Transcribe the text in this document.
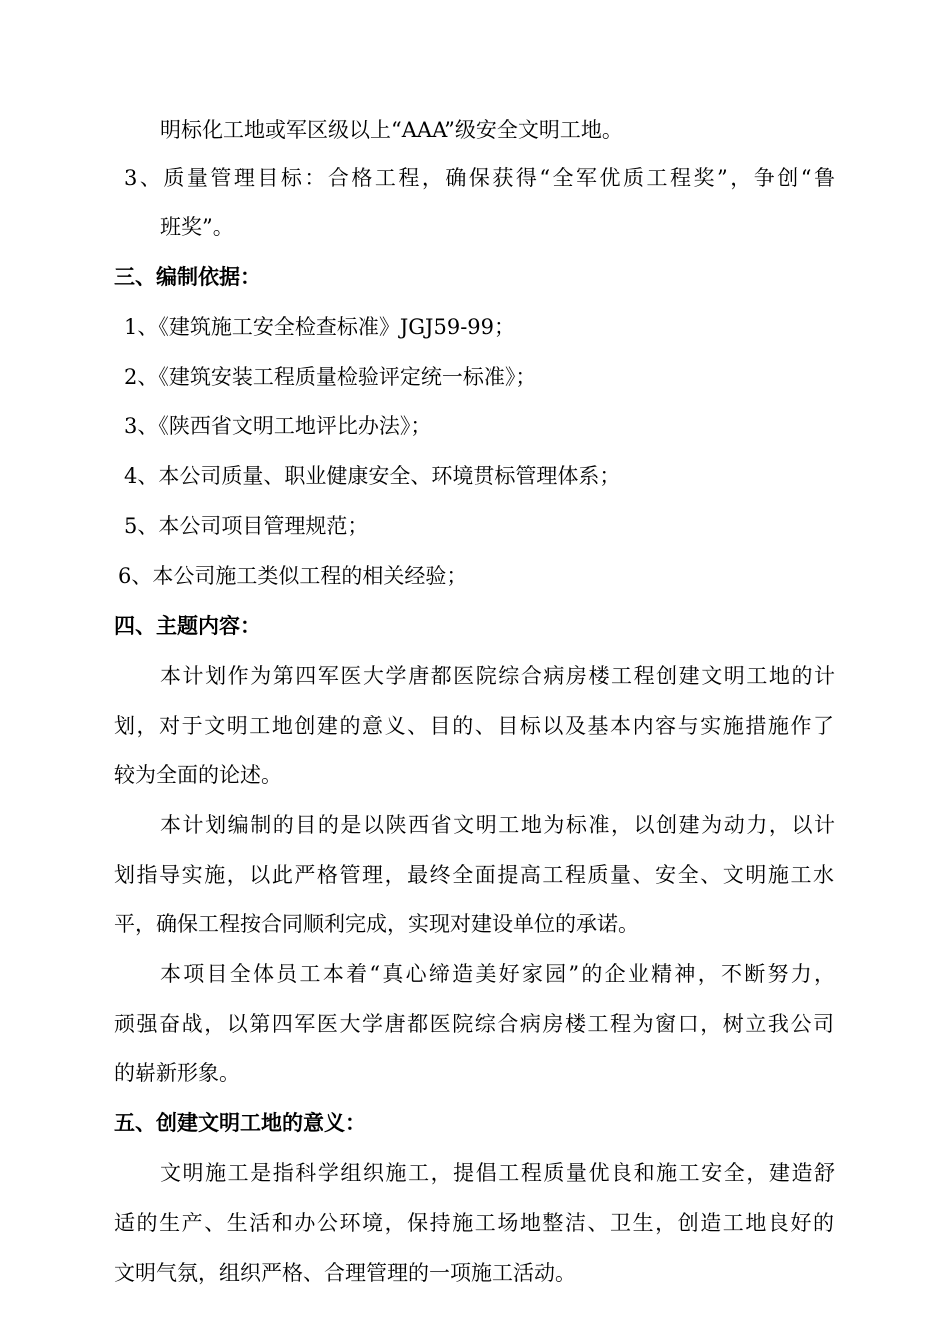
明标化工地或军区级以上“AAA”级安全文明工地。
3、质量管理目标：合格工程，确保获得“全军优质工程奖”，争创“鲁
班奖”。
三、编制依据：
1、《建筑施工安全检查标准》JGJ59-99；
2、《建筑安装工程质量检验评定统一标准》；
3、《陕西省文明工地评比办法》；
4、本公司质量、职业健康安全、环境贯标管理体系；
5、本公司项目管理规范；
6、本公司施工类似工程的相关经验；
四、主题内容：
本计划作为第四军医大学唐都医院综合病房楼工程创建文明工地的计
划，对于文明工地创建的意义、目的、目标以及基本内容与实施措施作了
较为全面的论述。
本计划编制的目的是以陕西省文明工地为标准，以创建为动力，以计
划指导实施，以此严格管理，最终全面提高工程质量、安全、文明施工水
平，确保工程按合同顺利完成，实现对建设单位的承诺。
本项目全体员工本着“真心缔造美好家园”的企业精神，不断努力，
顽强奋战，以第四军医大学唐都医院综合病房楼工程为窗口，树立我公司
的崭新形象。
五、创建文明工地的意义：
文明施工是指科学组织施工，提倡工程质量优良和施工安全，建造舒
适的生产、生活和办公环境，保持施工场地整洁、卫生，创造工地良好的
文明气氛，组织严格、合理管理的一项施工活动。
